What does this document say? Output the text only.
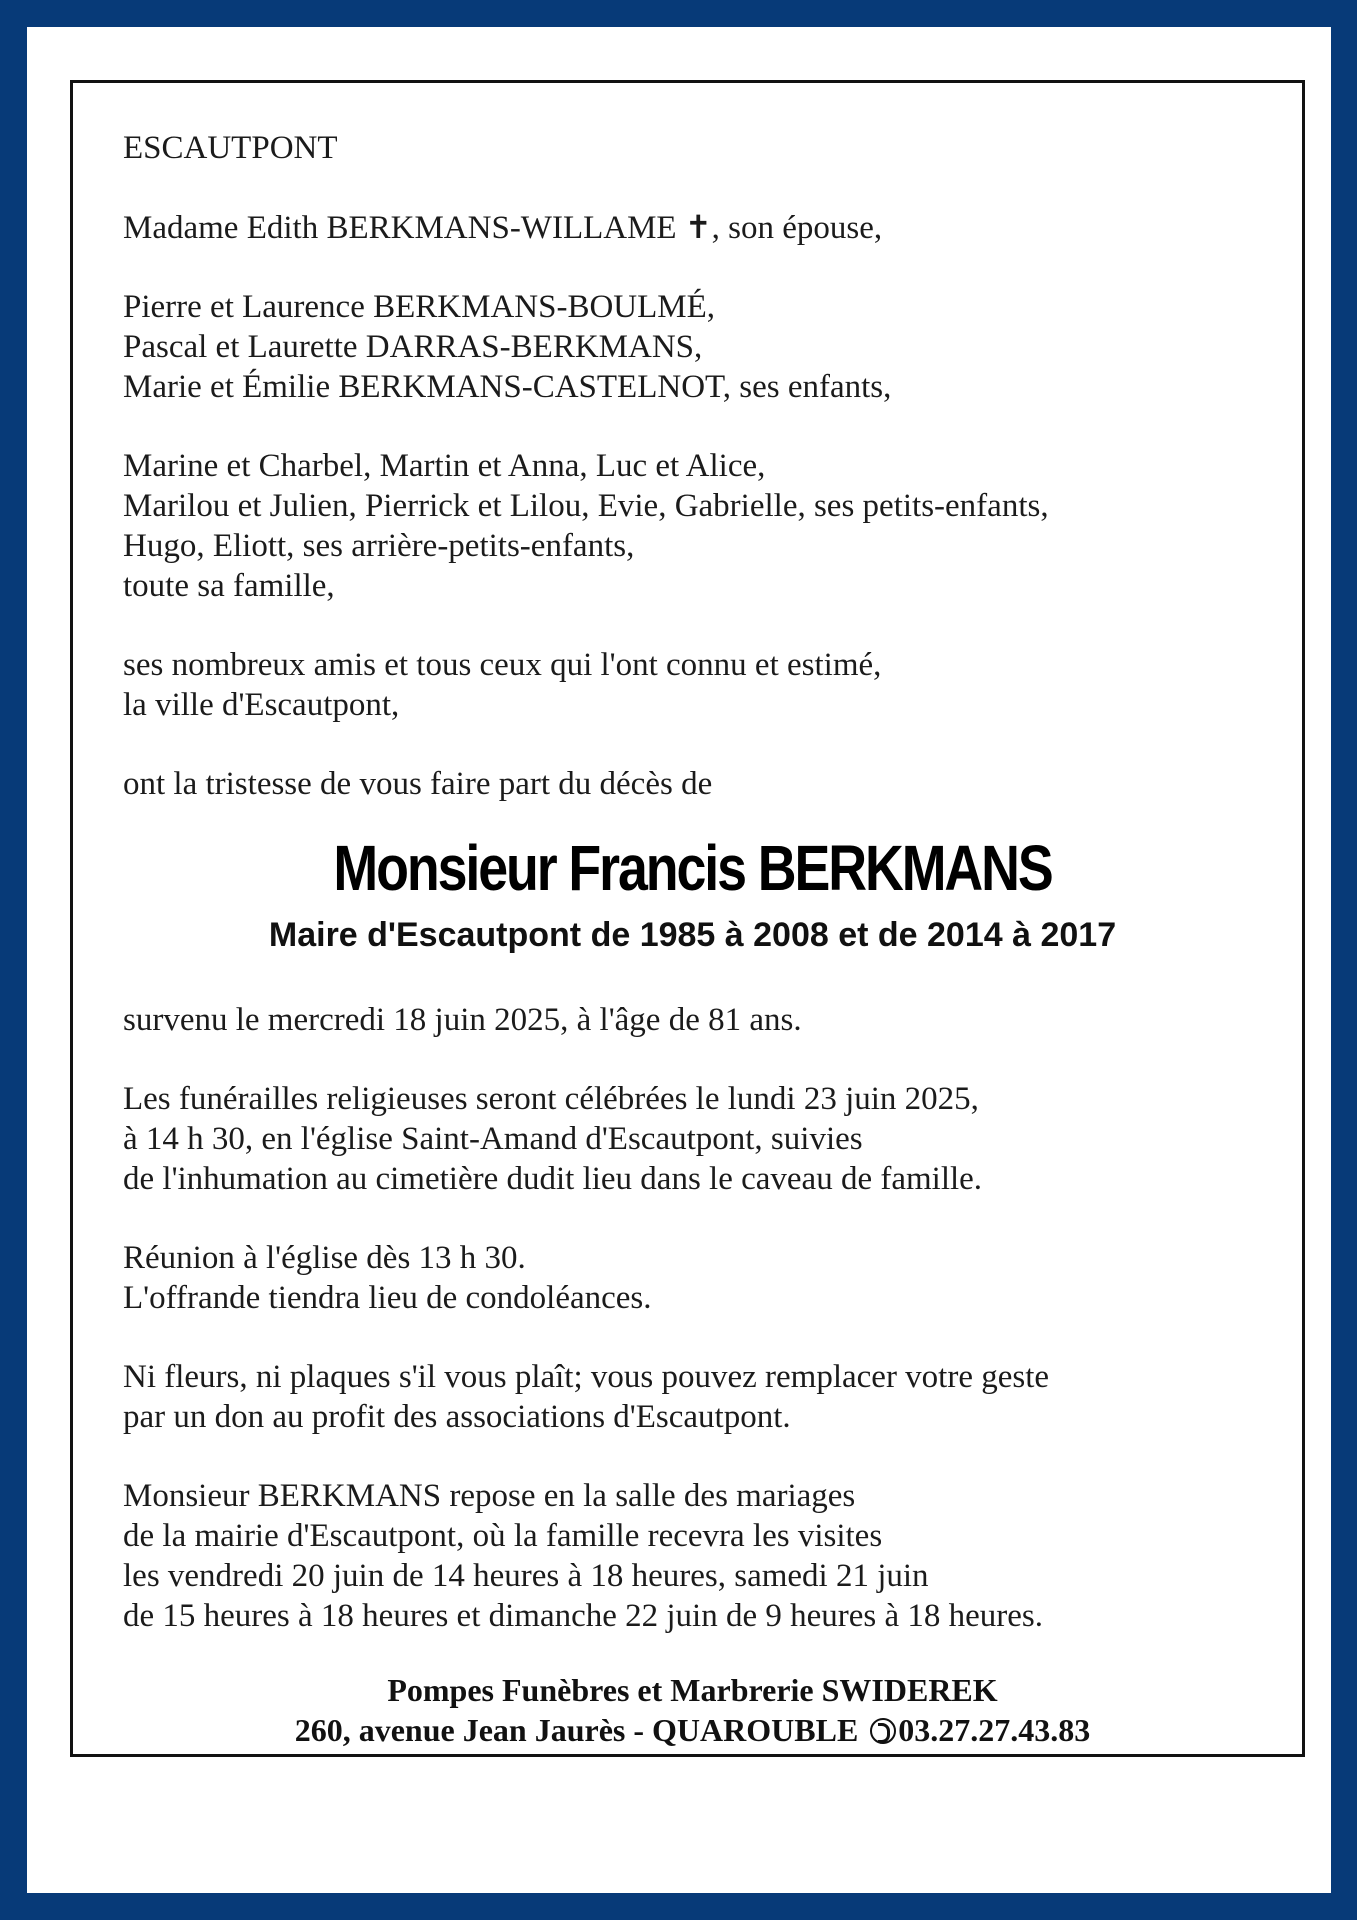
ESCAUTPONT

Madame Edith BERKMANS-WILLAME ✝, son épouse,

Pierre et Laurence BERKMANS-BOULMÉ,

Pascal et Laurette DARRAS-BERKMANS,

Marie et Émilie BERKMANS-CASTELNOT, ses enfants,

Marine et Charbel, Martin et Anna, Luc et Alice,

Marilou et Julien, Pierrick et Lilou, Evie, Gabrielle, ses petits-enfants,

Hugo, Eliott, ses arrière-petits-enfants,

toute sa famille,

ses nombreux amis et tous ceux qui l'ont connu et estimé,

la ville d'Escautpont,

ont la tristesse de vous faire part du décès de

Monsieur Francis BERKMANS

Maire d'Escautpont de 1985 à 2008 et de 2014 à 2017

survenu le mercredi 18 juin 2025, à l'âge de 81 ans.

Les funérailles religieuses seront célébrées le lundi 23 juin 2025,

à 14 h 30, en l'église Saint-Amand d'Escautpont, suivies

de l'inhumation au cimetière dudit lieu dans le caveau de famille.

Réunion à l'église dès 13 h 30.

L'offrande tiendra lieu de condoléances.

Ni fleurs, ni plaques s'il vous plaît; vous pouvez remplacer votre geste

par un don au profit des associations d'Escautpont.

Monsieur BERKMANS repose en la salle des mariages

de la mairie d'Escautpont, où la famille recevra les visites

les vendredi 20 juin de 14 heures à 18 heures, samedi 21 juin

de 15 heures à 18 heures et dimanche 22 juin de 9 heures à 18 heures.

Pompes Funèbres et Marbrerie SWIDEREK

260, avenue Jean Jaurès - QUAROUBLE 03.27.27.43.83
